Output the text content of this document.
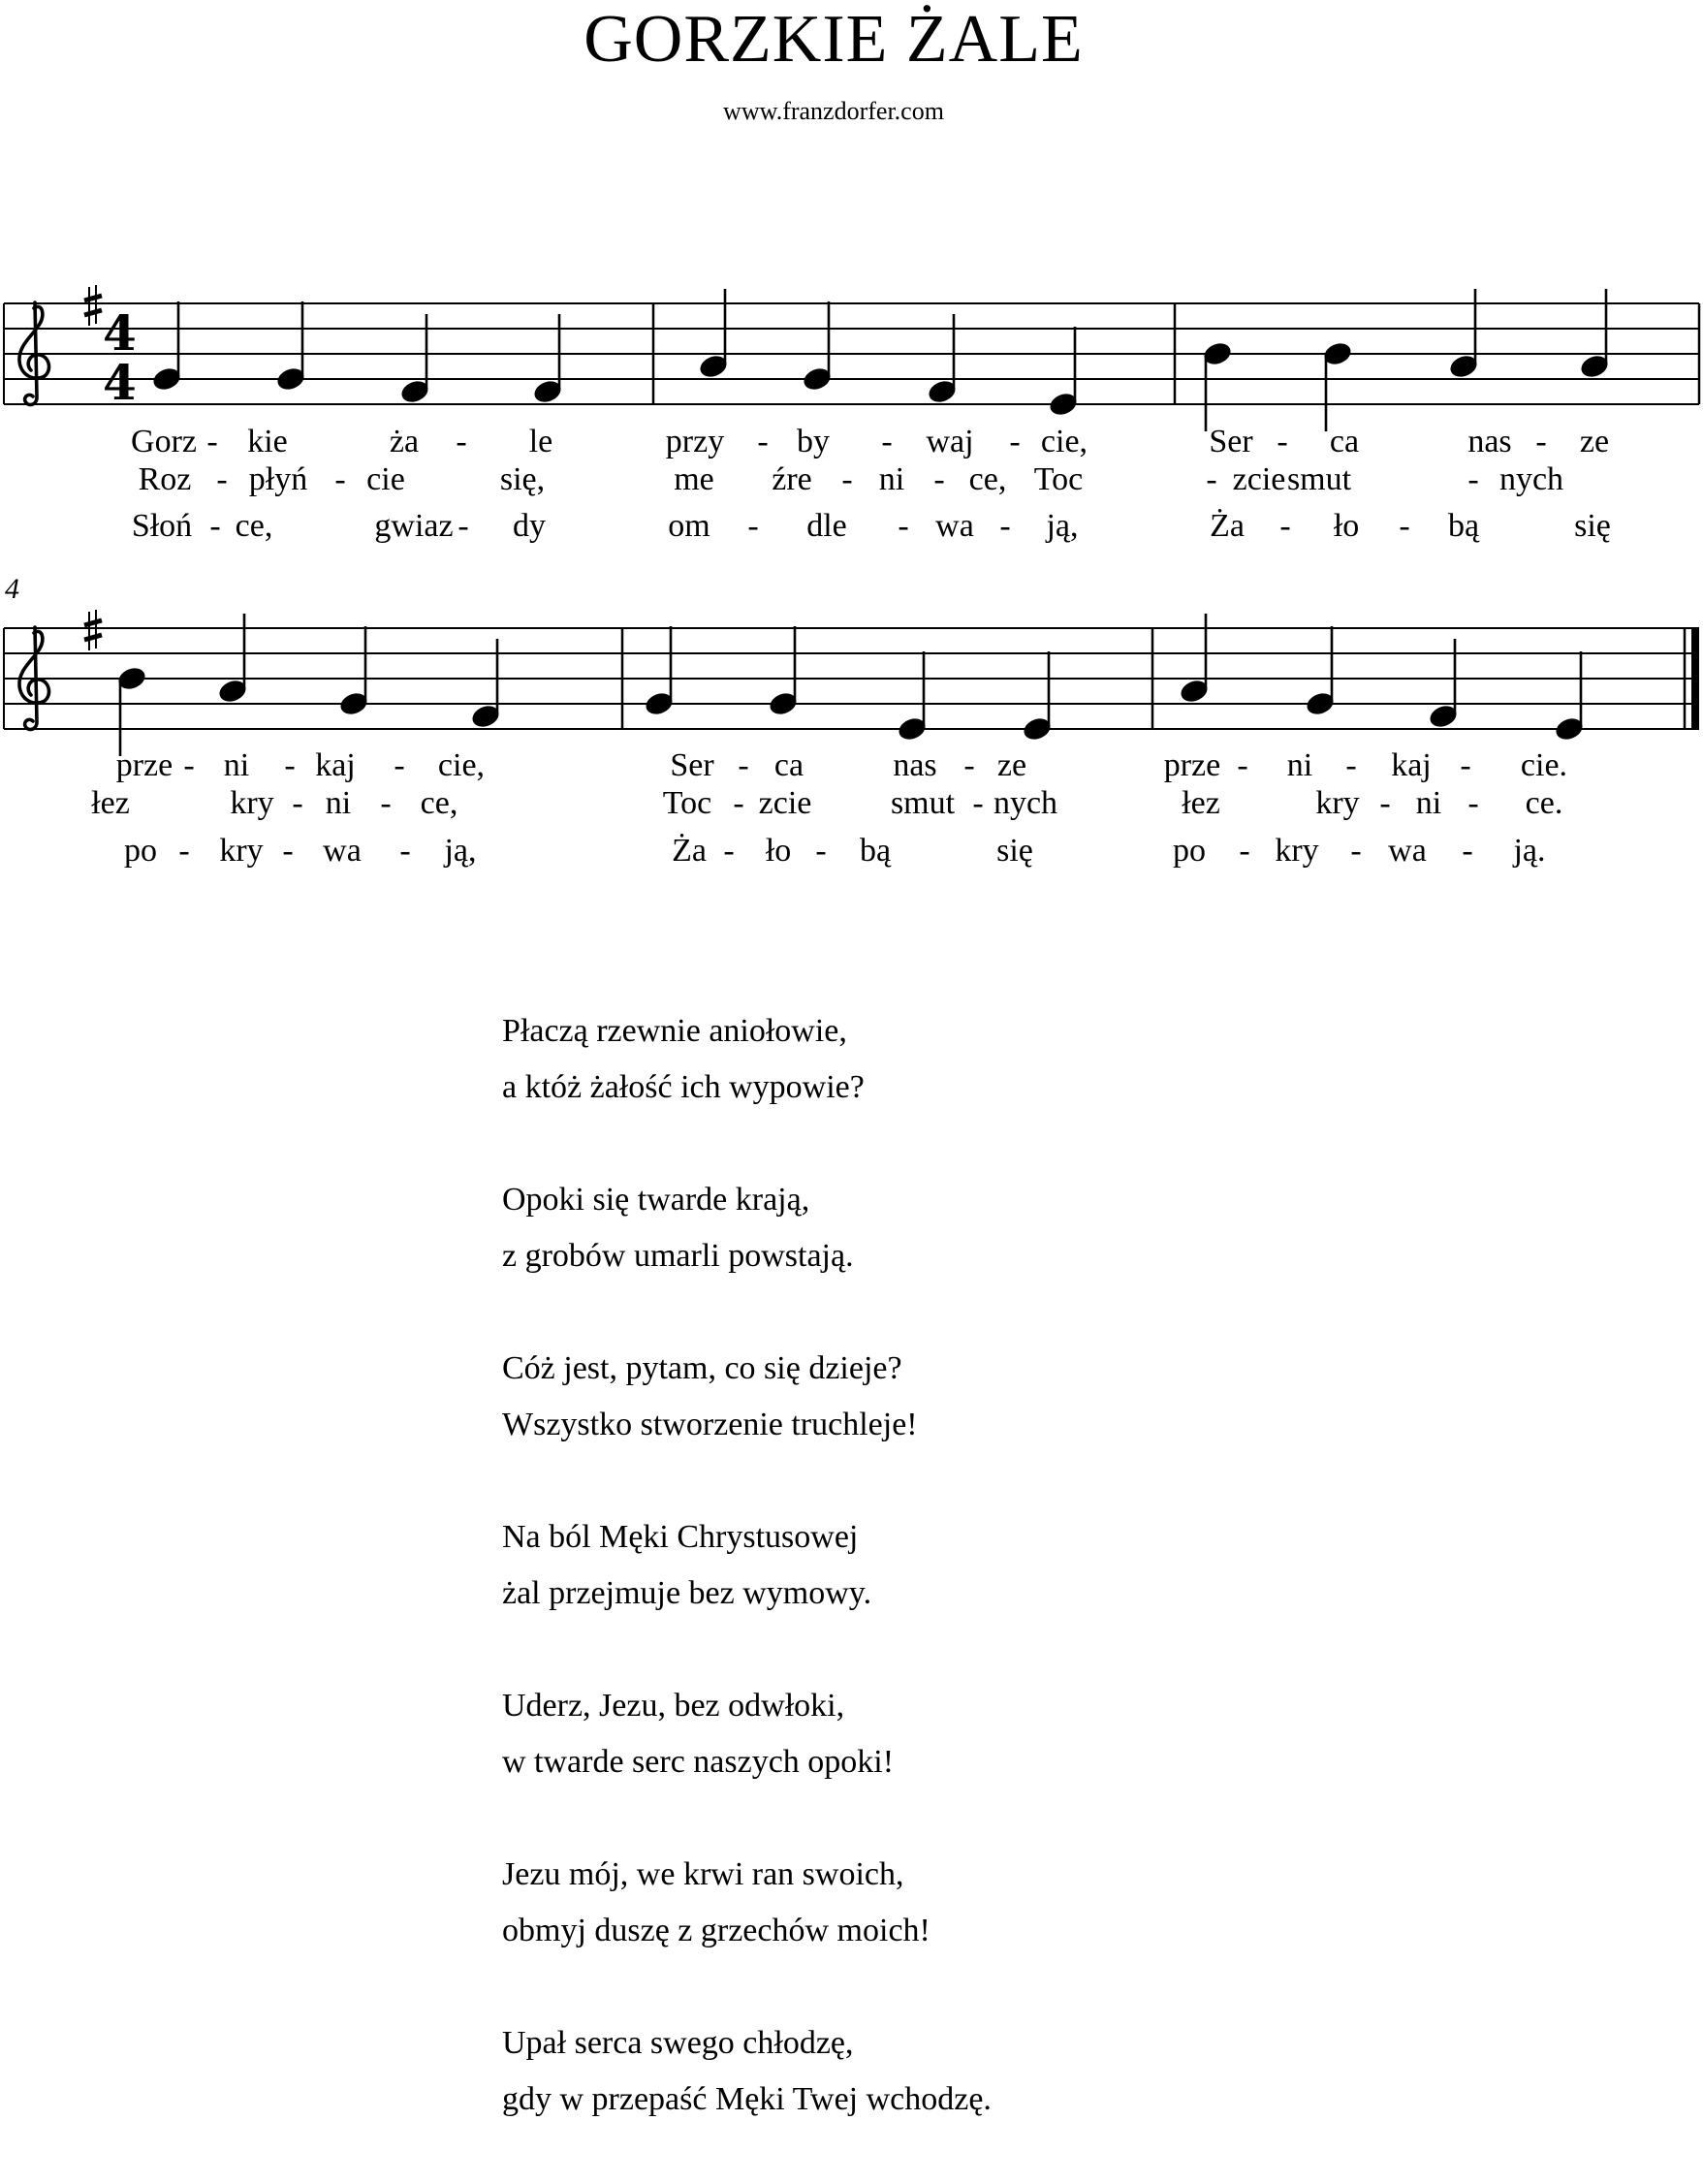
GORZKIE ŻALE
www.franzdorfer.com
4
4
Gorz - kie	ża - le	przy - by - waj - cie,	Ser - ca	nas - ze
Roz - płyń - cie	się,	me źre - ni - ce, Toc	- zcie smut	- nych
Słoń - ce,	gwiaz - dy	om - dle - wa - ją,	Ża - ło - bą	się
4
prze - ni - kaj - cie,	Ser - ca	nas - ze	prze - ni - kaj - cie.
łez	kry - ni - ce,	Toc - zcie smut - nych	łez	kry - ni - ce.
po - kry - wa - ją,	Ża - ło - bą	się	po - kry - wa - ją.
Płaczą rzewnie aniołowie,
a któż żałość ich wypowie?
Opoki się twarde krają,
z grobów umarli powstają.
Cóż jest, pytam, co się dzieje?
Wszystko stworzenie truchleje!
Na ból Męki Chrystusowej
żal przejmuje bez wymowy.
Uderz, Jezu, bez odwłoki,
w twarde serc naszych opoki!
Jezu mój, we krwi ran swoich,
obmyj duszę z grzechów moich!
Upał serca swego chłodzę,
gdy w przepaść Męki Twej wchodzę.
